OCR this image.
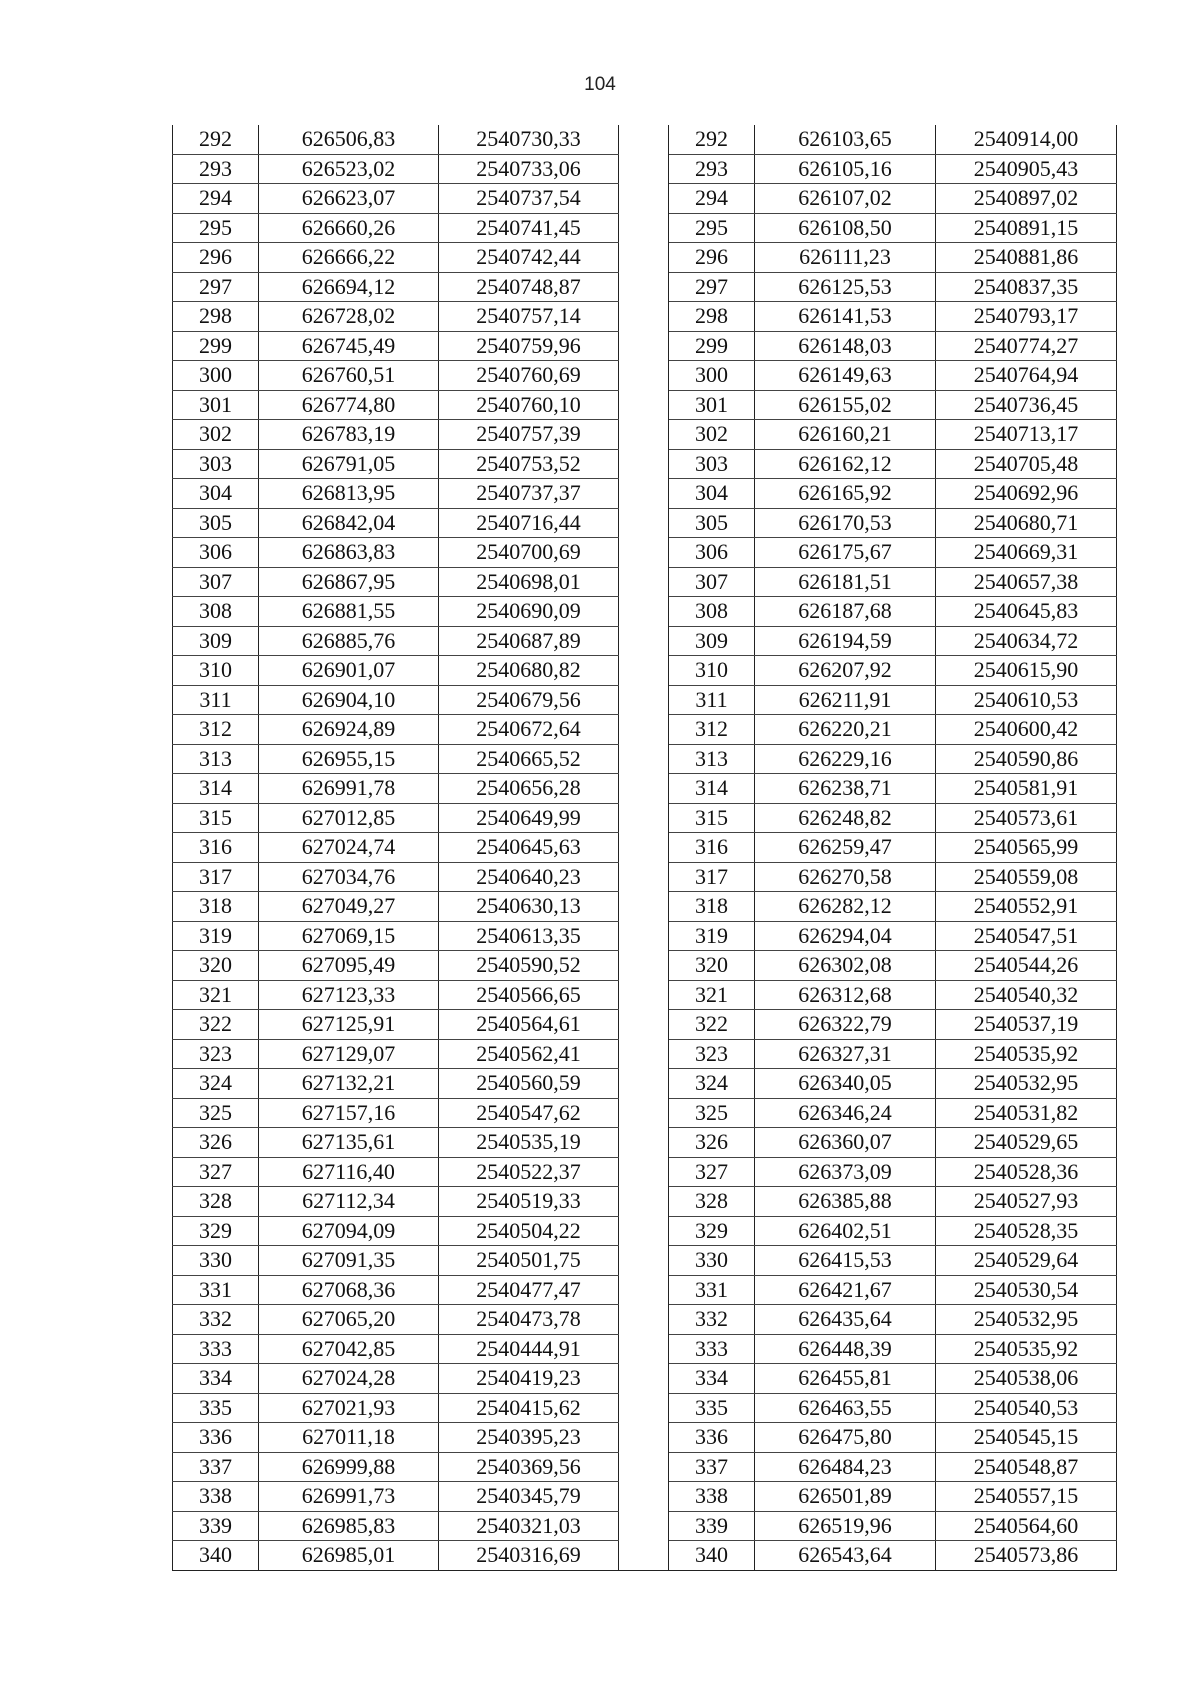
104
292	626506,83	2540730,33		292	626103,65	2540914,00
293	626523,02	2540733,06		293	626105,16	2540905,43
294	626623,07	2540737,54		294	626107,02	2540897,02
295	626660,26	2540741,45		295	626108,50	2540891,15
296	626666,22	2540742,44		296	626111,23	2540881,86
297	626694,12	2540748,87		297	626125,53	2540837,35
298	626728,02	2540757,14		298	626141,53	2540793,17
299	626745,49	2540759,96		299	626148,03	2540774,27
300	626760,51	2540760,69		300	626149,63	2540764,94
301	626774,80	2540760,10		301	626155,02	2540736,45
302	626783,19	2540757,39		302	626160,21	2540713,17
303	626791,05	2540753,52		303	626162,12	2540705,48
304	626813,95	2540737,37		304	626165,92	2540692,96
305	626842,04	2540716,44		305	626170,53	2540680,71
306	626863,83	2540700,69		306	626175,67	2540669,31
307	626867,95	2540698,01		307	626181,51	2540657,38
308	626881,55	2540690,09		308	626187,68	2540645,83
309	626885,76	2540687,89		309	626194,59	2540634,72
310	626901,07	2540680,82		310	626207,92	2540615,90
311	626904,10	2540679,56		311	626211,91	2540610,53
312	626924,89	2540672,64		312	626220,21	2540600,42
313	626955,15	2540665,52		313	626229,16	2540590,86
314	626991,78	2540656,28		314	626238,71	2540581,91
315	627012,85	2540649,99		315	626248,82	2540573,61
316	627024,74	2540645,63		316	626259,47	2540565,99
317	627034,76	2540640,23		317	626270,58	2540559,08
318	627049,27	2540630,13		318	626282,12	2540552,91
319	627069,15	2540613,35		319	626294,04	2540547,51
320	627095,49	2540590,52		320	626302,08	2540544,26
321	627123,33	2540566,65		321	626312,68	2540540,32
322	627125,91	2540564,61		322	626322,79	2540537,19
323	627129,07	2540562,41		323	626327,31	2540535,92
324	627132,21	2540560,59		324	626340,05	2540532,95
325	627157,16	2540547,62		325	626346,24	2540531,82
326	627135,61	2540535,19		326	626360,07	2540529,65
327	627116,40	2540522,37		327	626373,09	2540528,36
328	627112,34	2540519,33		328	626385,88	2540527,93
329	627094,09	2540504,22		329	626402,51	2540528,35
330	627091,35	2540501,75		330	626415,53	2540529,64
331	627068,36	2540477,47		331	626421,67	2540530,54
332	627065,20	2540473,78		332	626435,64	2540532,95
333	627042,85	2540444,91		333	626448,39	2540535,92
334	627024,28	2540419,23		334	626455,81	2540538,06
335	627021,93	2540415,62		335	626463,55	2540540,53
336	627011,18	2540395,23		336	626475,80	2540545,15
337	626999,88	2540369,56		337	626484,23	2540548,87
338	626991,73	2540345,79		338	626501,89	2540557,15
339	626985,83	2540321,03		339	626519,96	2540564,60
340	626985,01	2540316,69		340	626543,64	2540573,86
